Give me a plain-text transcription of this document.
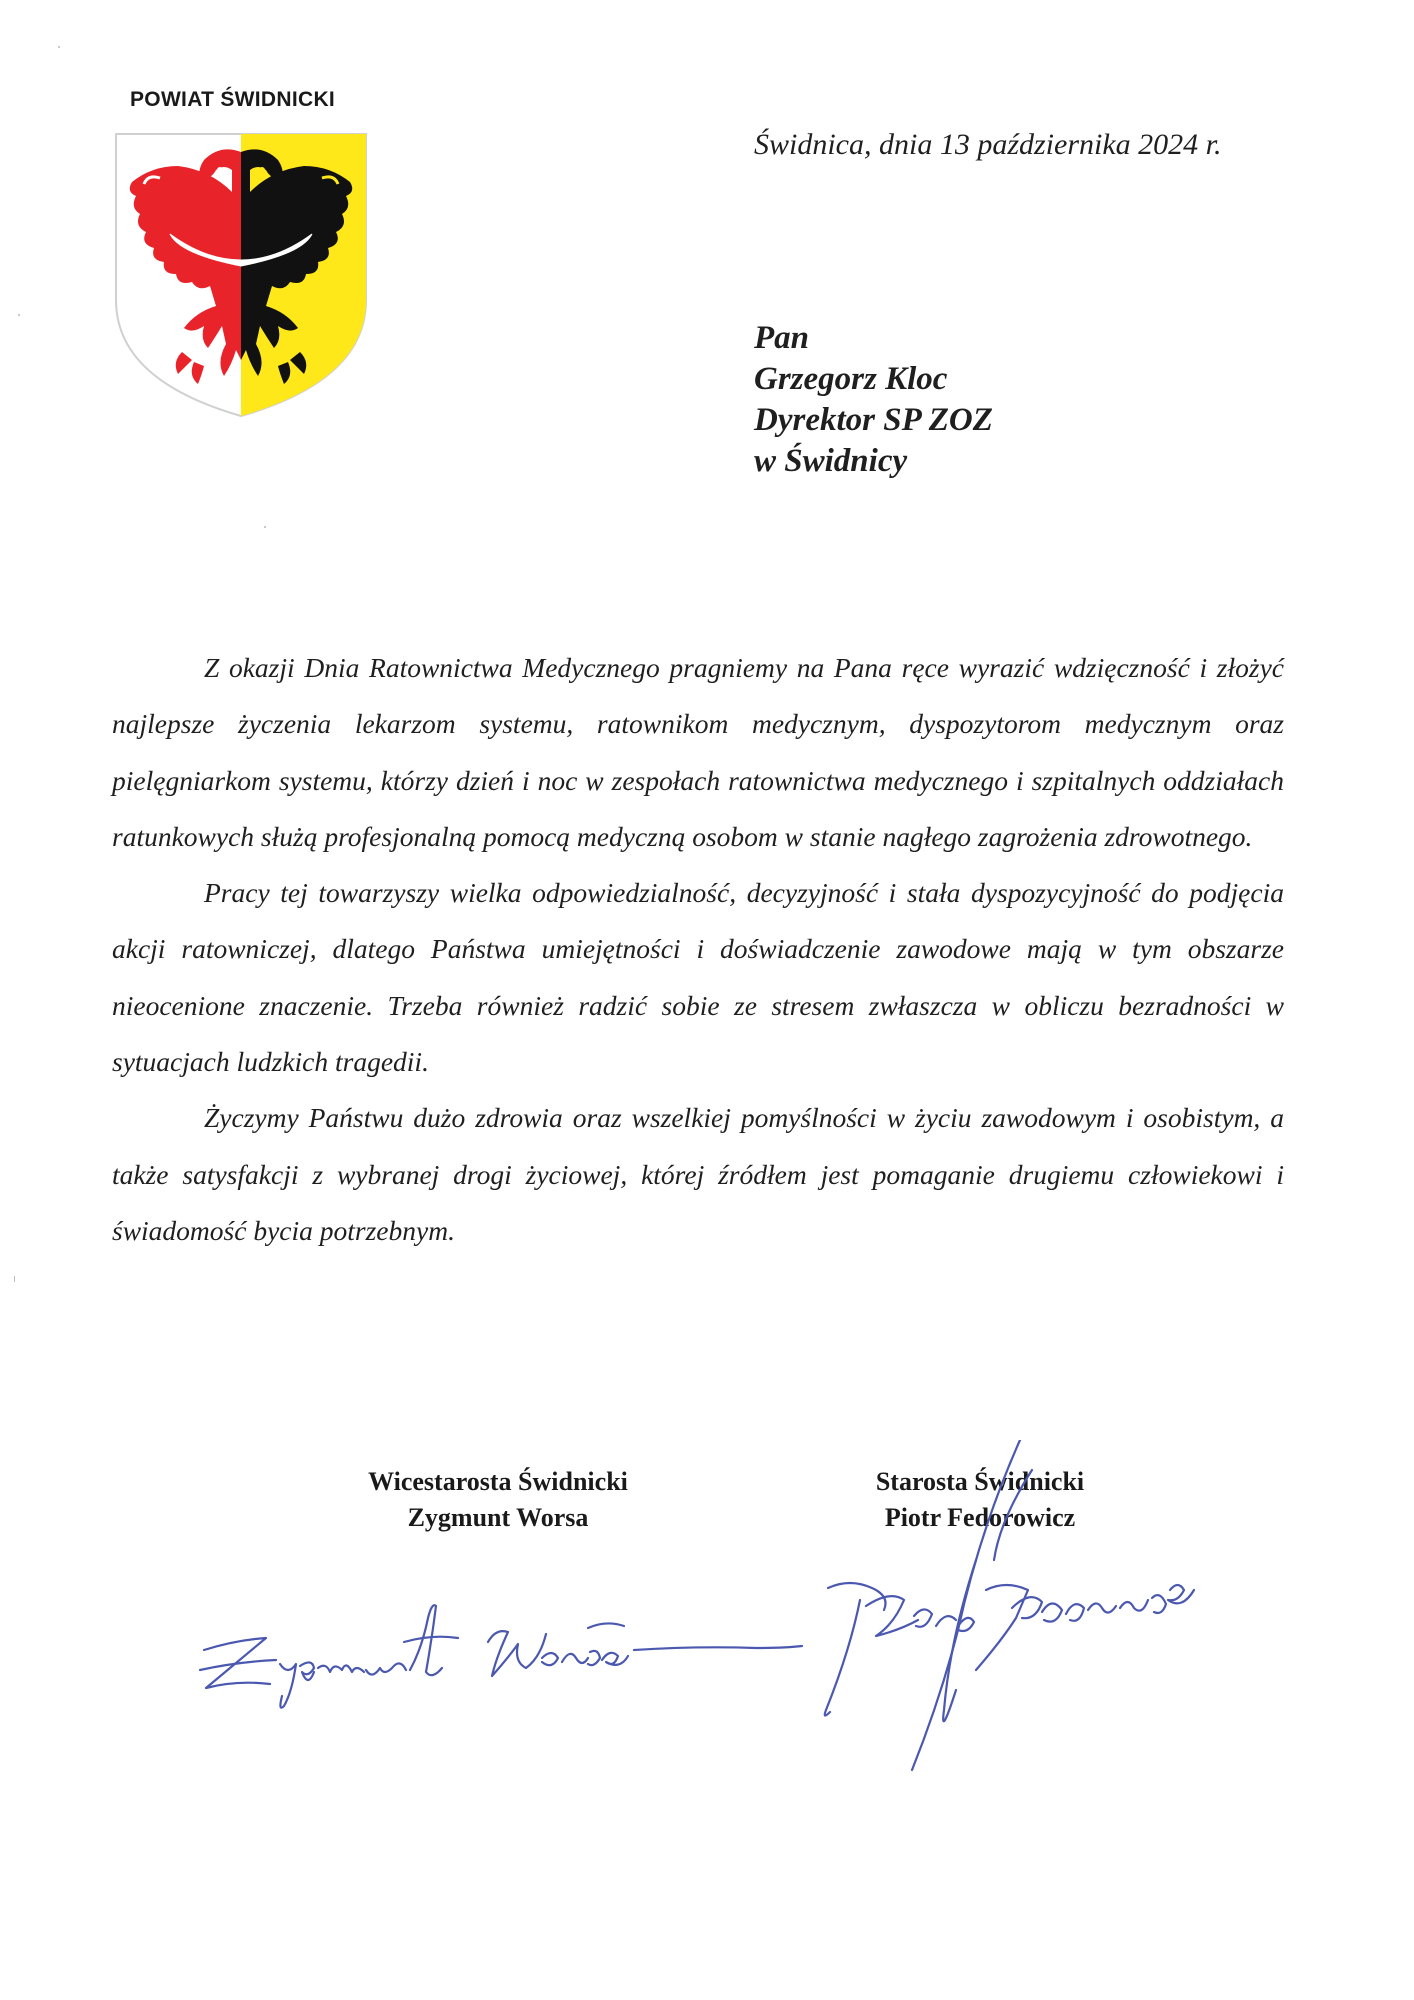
POWIAT ŚWIDNICKI
Świdnica, dnia 13 października 2024 r.
Pan
Grzegorz Kloc
Dyrektor SP ZOZ
w Świdnicy

Z okazji Dnia Ratownictwa Medycznego pragniemy na Pana ręce wyrazić wdzięczność i złożyć najlepsze życzenia lekarzom systemu, ratownikom medycznym, dyspozytorom medycznym oraz pielęgniarkom systemu, którzy dzień i noc w zespołach ratownictwa medycznego i szpitalnych oddziałach ratunkowych służą profesjonalną pomocą medyczną osobom w stanie nagłego zagrożenia zdrowotnego.

Pracy tej towarzyszy wielka odpowiedzialność, decyzyjność i stała dyspozycyjność do podjęcia akcji ratowniczej, dlatego Państwa umiejętności i doświadczenie zawodowe mają w tym obszarze nieocenione znaczenie. Trzeba również radzić sobie ze stresem zwłaszcza w obliczu bezradności w sytuacjach ludzkich tragedii.

Życzymy Państwu dużo zdrowia oraz wszelkiej pomyślności w życiu zawodowym i osobistym, a także satysfakcji z wybranej drogi życiowej, której źródłem jest pomaganie drugiemu człowiekowi i świadomość bycia potrzebnym.

Wicestarosta Świdnicki
Zygmunt Worsa
Starosta Świdnicki
Piotr Fedorowicz
